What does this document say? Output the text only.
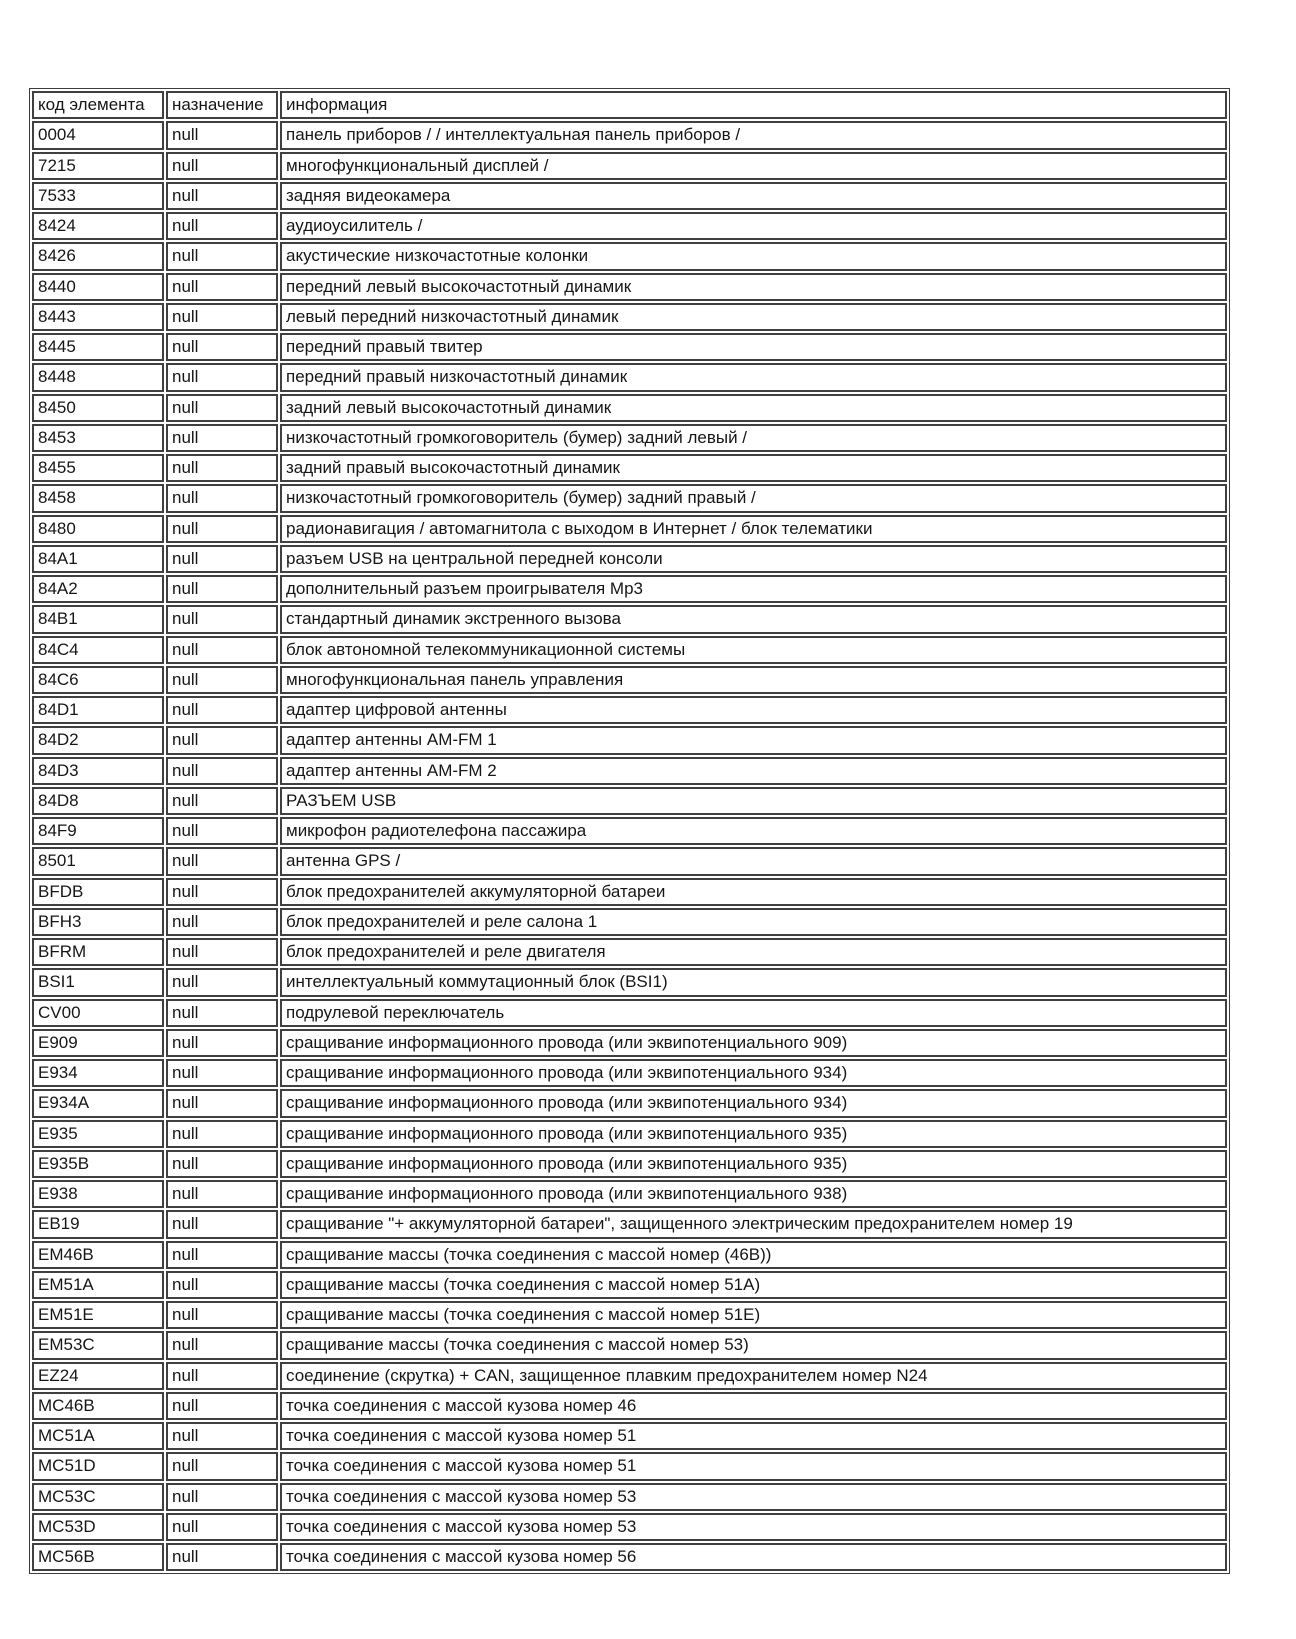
код элемента	назначение	информация
0004	null	панель приборов / / интеллектуальная панель приборов /
7215	null	многофункциональный дисплей /
7533	null	задняя видеокамера
8424	null	аудиоусилитель /
8426	null	акустические низкочастотные колонки
8440	null	передний левый высокочастотный динамик
8443	null	левый передний низкочастотный динамик
8445	null	передний правый твитер
8448	null	передний правый низкочастотный динамик
8450	null	задний левый высокочастотный динамик
8453	null	низкочастотный громкоговоритель (бумер) задний левый /
8455	null	задний правый высокочастотный динамик
8458	null	низкочастотный громкоговоритель (бумер) задний правый /
8480	null	радионавигация / автомагнитола с выходом в Интернет / блок телематики
84A1	null	разъем USB на центральной передней консоли
84A2	null	дополнительный разъем проигрывателя Мр3
84B1	null	стандартный динамик экстренного вызова
84C4	null	блок автономной телекоммуникационной системы
84C6	null	многофункциональная панель управления
84D1	null	адаптер цифровой антенны
84D2	null	адаптер антенны AM-FM 1
84D3	null	адаптер антенны AM-FM 2
84D8	null	РАЗЪЕМ USB
84F9	null	микрофон радиотелефона пассажира
8501	null	антенна GPS /
BFDB	null	блок предохранителей аккумуляторной батареи
BFH3	null	блок предохранителей и реле салона 1
BFRM	null	блок предохранителей и реле двигателя
BSI1	null	интеллектуальный коммутационный блок (BSI1)
CV00	null	подрулевой переключатель
E909	null	сращивание информационного провода (или эквипотенциального 909)
E934	null	сращивание информационного провода (или эквипотенциального 934)
E934A	null	сращивание информационного провода (или эквипотенциального 934)
E935	null	сращивание информационного провода (или эквипотенциального 935)
E935B	null	сращивание информационного провода (или эквипотенциального 935)
E938	null	сращивание информационного провода (или эквипотенциального 938)
EB19	null	сращивание "+ аккумуляторной батареи", защищенного электрическим предохранителем номер 19
EM46B	null	сращивание массы (точка соединения с массой номер (46B))
EM51A	null	сращивание массы (точка соединения с массой номер 51A)
EM51E	null	сращивание массы (точка соединения с массой номер 51E)
EM53C	null	сращивание массы (точка соединения с массой номер 53)
EZ24	null	соединение (скрутка) + CAN, защищенное плавким предохранителем номер N24
MC46B	null	точка соединения с массой кузова номер 46
MC51A	null	точка соединения с массой кузова номер 51
MC51D	null	точка соединения с массой кузова номер 51
MC53C	null	точка соединения с массой кузова номер 53
MC53D	null	точка соединения с массой кузова номер 53
MC56B	null	точка соединения с массой кузова номер 56
